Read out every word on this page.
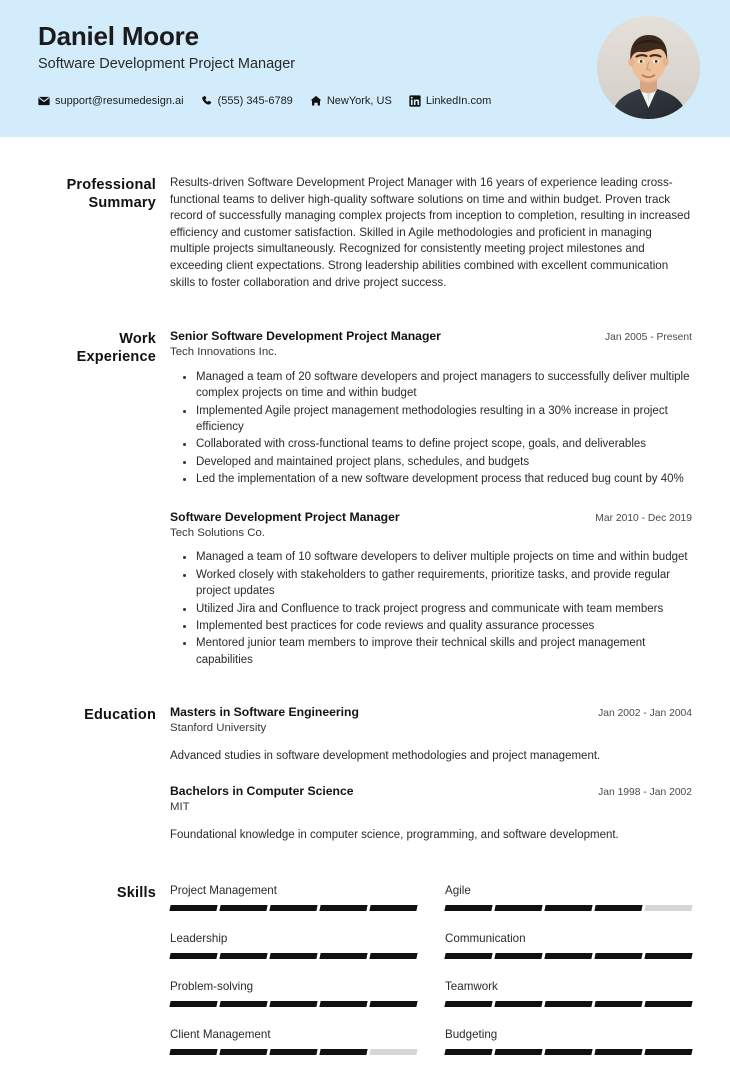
Daniel Moore
Software Development Project Manager
support@resumedesign.ai	(555) 345-6789	NewYork, US	LinkedIn.com
Professional Summary
Results-driven Software Development Project Manager with 16 years of experience leading cross-functional teams to deliver high-quality software solutions on time and within budget. Proven track record of successfully managing complex projects from inception to completion, resulting in increased efficiency and customer satisfaction. Skilled in Agile methodologies and proficient in managing multiple projects simultaneously. Recognized for consistently meeting project milestones and exceeding client expectations. Strong leadership abilities combined with excellent communication skills to foster collaboration and drive project success.
Work Experience
Senior Software Development Project Manager	Jan 2005 - Present
Tech Innovations Inc.
Managed a team of 20 software developers and project managers to successfully deliver multiple complex projects on time and within budget
Implemented Agile project management methodologies resulting in a 30% increase in project efficiency
Collaborated with cross-functional teams to define project scope, goals, and deliverables
Developed and maintained project plans, schedules, and budgets
Led the implementation of a new software development process that reduced bug count by 40%
Software Development Project Manager	Mar 2010 - Dec 2019
Tech Solutions Co.
Managed a team of 10 software developers to deliver multiple projects on time and within budget
Worked closely with stakeholders to gather requirements, prioritize tasks, and provide regular project updates
Utilized Jira and Confluence to track project progress and communicate with team members
Implemented best practices for code reviews and quality assurance processes
Mentored junior team members to improve their technical skills and project management capabilities
Education Masters in Software Engineering	Jan 2002 - Jan 2004
Stanford University
Advanced studies in software development methodologies and project management.
Bachelors in Computer Science	Jan 1998 - Jan 2002
MIT
Foundational knowledge in computer science, programming, and software development.
Skills Project Management	Agile
Leadership	Communication
Problem-solving	Teamwork
Client Management	Budgeting
